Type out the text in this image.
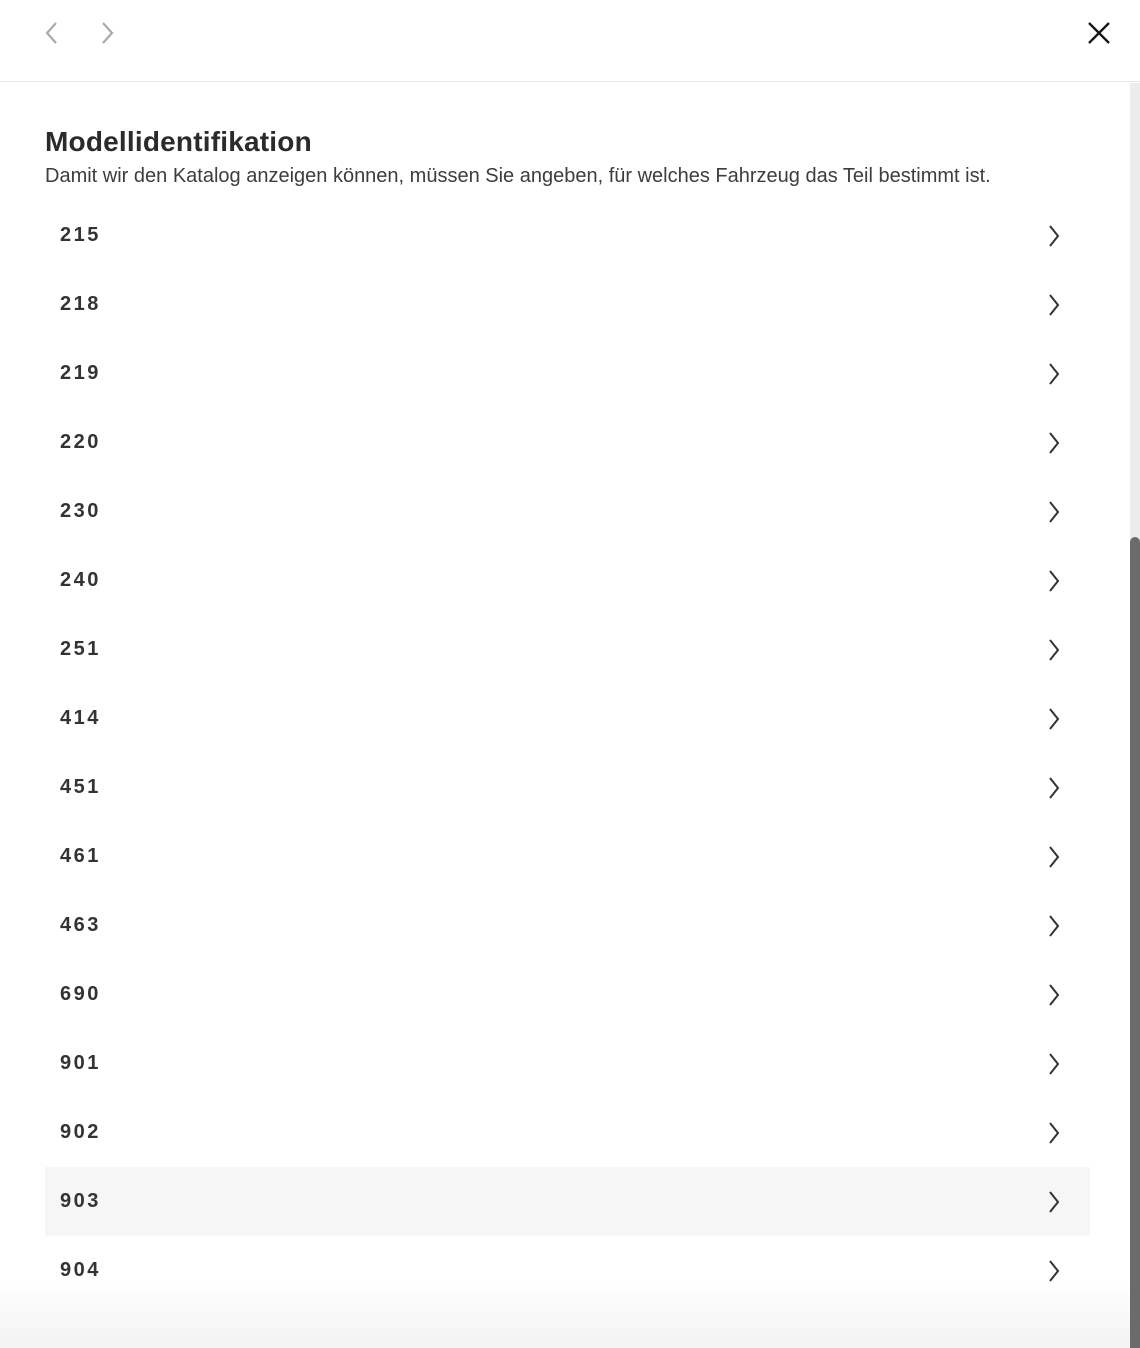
Modellidentifikation

Damit wir den Katalog anzeigen können, müssen Sie angeben, für welches Fahrzeug das Teil bestimmt ist.

215
218
219
220
230
240
251
414
451
461
463
690
901
902
903
904
